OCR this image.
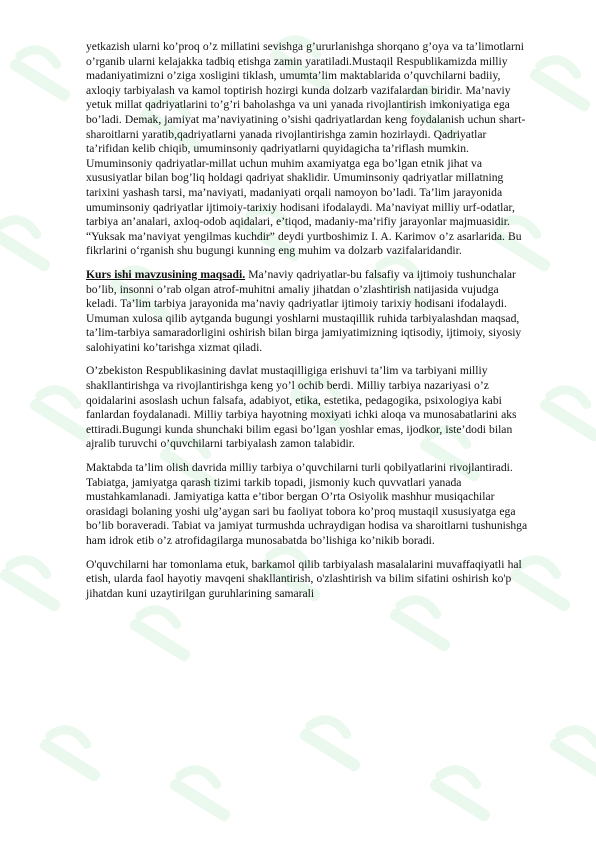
yetkazish ularni ko’proq o’z millatini sevishga g’ururlanishga shorqano g’oya va ta’limotlarni o’rganib ularni kelajakka tadbiq etishga zamin yaratiladi.Mustaqil Respublikamizda milliy madaniyatimizni o’ziga xosligini tiklash, umumta’lim maktablarida o’quvchilarni badiiy, axloqiy tarbiyalash va kamol toptirish hozirgi kunda dolzarb vazifalardan biridir. Ma’naviy yetuk millat qadriyatlarini to’g’ri baholashga va uni yanada rivojlantirish imkoniyatiga ega bo’ladi. Demak, jamiyat ma’naviyatining o’sishi qadriyatlardan keng foydalanish uchun shart-sharoitlarni yaratib,qadriyatlarni yanada rivojlantirishga zamin hozirlaydi. Qadriyatlar ta’rifidan kelib chiqib, umuminsoniy qadriyatlarni quyidagicha ta’riflash mumkin. Umuminsoniy qadriyatlar-millat uchun muhim axamiyatga ega bo’lgan etnik jihat va xususiyatlar bilan bog’liq holdagi qadriyat shaklidir. Umuminsoniy qadriyatlar millatning tarixini yashash tarsi, ma’naviyati, madaniyati orqali namoyon bo’ladi. Ta’lim jarayonida umuminsoniy qadriyatlar ijtimoiy-tarixiy hodisani ifodalaydi. Ma’naviyat milliy urf-odatlar, tarbiya an’analari, axloq-odob aqidalari, e’tiqod, madaniy-ma’rifiy jarayonlar majmuasidir. “Yuksak ma’naviyat yengilmas kuchdir” deydi yurtboshimiz I. A. Karimov o’z asarlarida. Bu fikrlarini o‘rganish shu bugungi kunning eng muhim va dolzarb vazifalaridandir.

Kurs ishi mavzusining maqsadi. Ma’naviy qadriyatlar-bu falsafiy va ijtimoiy tushunchalar bo’lib, insonni o’rab olgan atrof-muhitni amaliy jihatdan o’zlashtirish natijasida vujudga keladi. Ta’lim tarbiya jarayonida ma’naviy qadriyatlar ijtimoiy tarixiy hodisani ifodalaydi. Umuman xulosa qilib aytganda bugungi yoshlarni mustaqillik ruhida tarbiyalashdan maqsad, ta’lim-tarbiya samaradorligini oshirish bilan birga jamiyatimizning iqtisodiy, ijtimoiy, siyosiy salohiyatini ko’tarishga xizmat qiladi.

O’zbekiston Respublikasining davlat mustaqilligiga erishuvi ta’lim va tarbiyani milliy shakllantirishga va rivojlantirishga keng yo’l ochib berdi. Milliy tarbiya nazariyasi o’z qoidalarini asoslash uchun falsafa, adabiyot, etika, estetika, pedagogika, psixologiya kabi fanlardan foydalanadi. Milliy tarbiya hayotning moxiyati ichki aloqa va munosabatlarini aks ettiradi.Bugungi kunda shunchaki bilim egasi bo’lgan yoshlar emas, ijodkor, iste’dodi bilan ajralib turuvchi o’quvchilarni tarbiyalash zamon talabidir.

Maktabda ta’lim olish davrida milliy tarbiya o’quvchilarni turli qobilyatlarini rivojlantiradi. Tabiatga, jamiyatga qarash tizimi tarkib topadi, jismoniy kuch quvvatlari yanada mustahkamlanadi. Jamiyatiga katta e’tibor bergan O’rta Osiyolik mashhur musiqachilar orasidagi bolaning yoshi ulg’aygan sari bu faoliyat tobora ko’proq mustaqil xususiyatga ega bo’lib boraveradi. Tabiat va jamiyat turmushda uchraydigan hodisa va sharoitlarni tushunishga ham idrok etib o’z atrofidagilarga munosabatda bo’lishiga ko’nikib boradi.

O'quvchilarni har tomonlama etuk, barkamol qilib tarbiyalash masalalarini muvaffaqiyatli hal etish, ularda faol hayotiy mavqeni shakllantirish, o'zlashtirish va bilim sifatini oshirish ko'p jihatdan kuni uzaytirilgan guruhlarining samarali
